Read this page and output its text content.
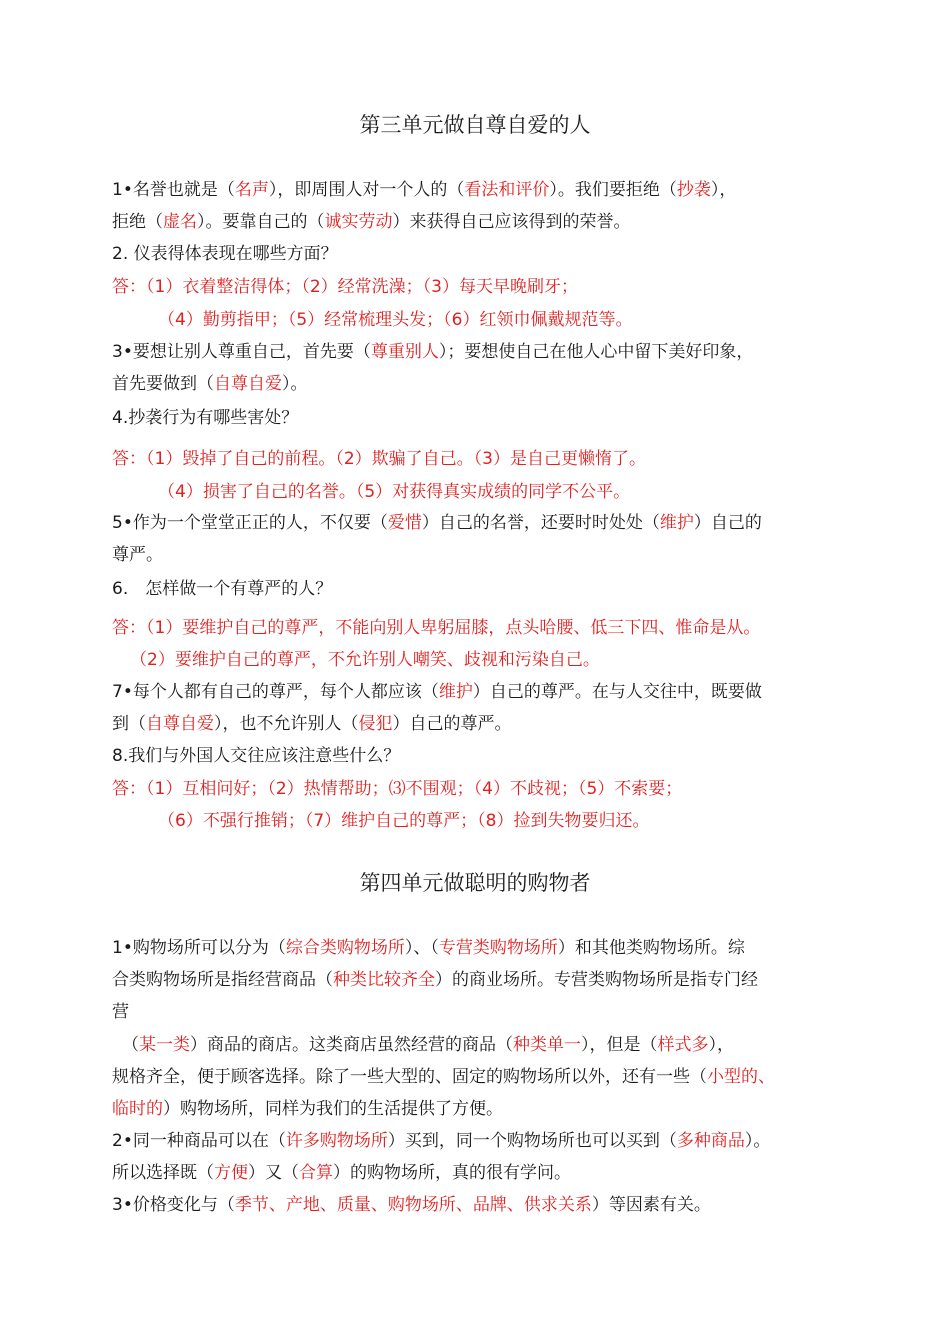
第三单元做自尊自爱的人
1•名誉也就是（名声），即周围人对一个人的（看法和评价）。我们要拒绝（抄袭），
拒绝（虚名）。要靠自己的（诚实劳动）来获得自己应该得到的荣誉。
2. 仪表得体表现在哪些方面？
答：（1）衣着整洁得体；（2）经常洗澡；（3）每天早晚刷牙；
（4）勤剪指甲；（5）经常梳理头发；（6）红领巾佩戴规范等。
3•要想让别人尊重自己，首先要（尊重别人）；要想使自己在他人心中留下美好印象，
首先要做到（自尊自爱）。
4.抄袭行为有哪些害处？
答：（1）毁掉了自己的前程。（2）欺骗了自己。（3）是自己更懒惰了。
（4）损害了自己的名誉。（5）对获得真实成绩的同学不公平。
5•作为一个堂堂正正的人，不仅要（爱惜）自己的名誉，还要时时处处（维护）自己的
尊严。
6.　怎样做一个有尊严的人？
答：（1）要维护自己的尊严，不能向别人卑躬屈膝，点头哈腰、低三下四、惟命是从。
（2）要维护自己的尊严，不允许别人嘲笑、歧视和污染自己。
7•每个人都有自己的尊严，每个人都应该（维护）自己的尊严。在与人交往中，既要做
到（自尊自爱），也不允许别人（侵犯）自己的尊严。
8.我们与外国人交往应该注意些什么？
答：（1）互相问好；（2）热情帮助；⑶不围观；（4）不歧视；（5）不索要；
（6）不强行推销；（7）维护自己的尊严；（8）捡到失物要归还。
第四单元做聪明的购物者
1•购物场所可以分为（综合类购物场所）、（专营类购物场所）和其他类购物场所。综
合类购物场所是指经营商品（种类比较齐全）的商业场所。专营类购物场所是指专门经
营
（某一类）商品的商店。这类商店虽然经营的商品（种类单一），但是（样式多），
规格齐全，便于顾客选择。除了一些大型的、固定的购物场所以外，还有一些（小型的、
临时的）购物场所，同样为我们的生活提供了方便。
2•同一种商品可以在（许多购物场所）买到，同一个购物场所也可以买到（多种商品）。
所以选择既（方便）又（合算）的购物场所，真的很有学问。
3•价格变化与（季节、产地、质量、购物场所、品牌、供求关系）等因素有关。
